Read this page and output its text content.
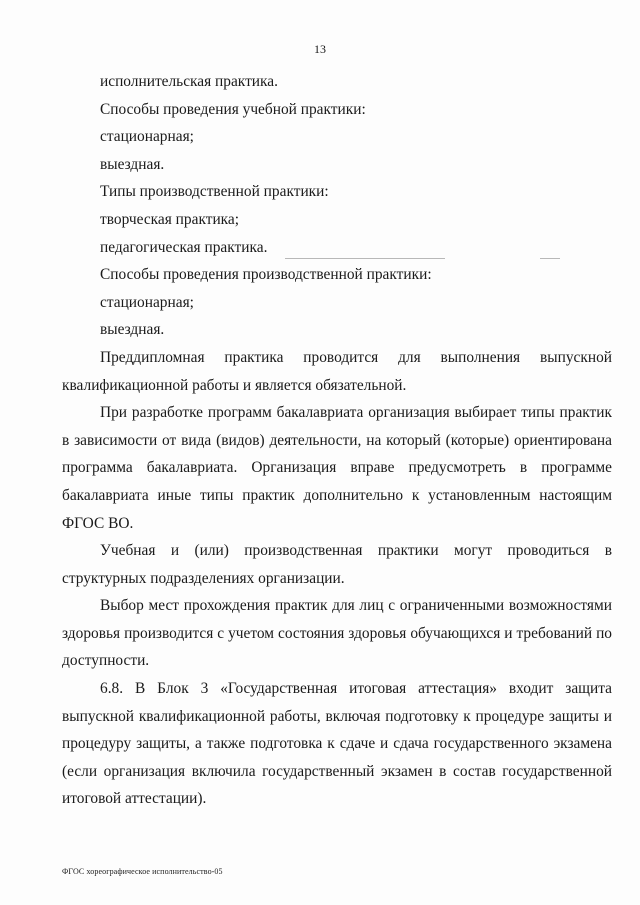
13

исполнительская практика.

Способы проведения учебной практики:

стационарная;

выездная.

Типы производственной практики:

творческая практика;

педагогическая практика.

Способы проведения производственной практики:

стационарная;

выездная.

Преддипломная практика проводится для выполнения выпускной квалификационной работы и является обязательной.

При разработке программ бакалавриата организация выбирает типы практик в зависимости от вида (видов) деятельности, на который (которые) ориентирована программа бакалавриата. Организация вправе предусмотреть в программе бакалавриата иные типы практик дополнительно к установленным настоящим ФГОС ВО.

Учебная и (или) производственная практики могут проводиться в структурных подразделениях организации.

Выбор мест прохождения практик для лиц с ограниченными возможностями здоровья производится с учетом состояния здоровья обучающихся и требований по доступности.

6.8. В Блок 3 «Государственная итоговая аттестация» входит защита выпускной квалификационной работы, включая подготовку к процедуре защиты и процедуру защиты, а также подготовка к сдаче и сдача государственного экзамена (если организация включила государственный экзамен в состав государственной итоговой аттестации).

ФГОС хореографическое исполнительство-05
